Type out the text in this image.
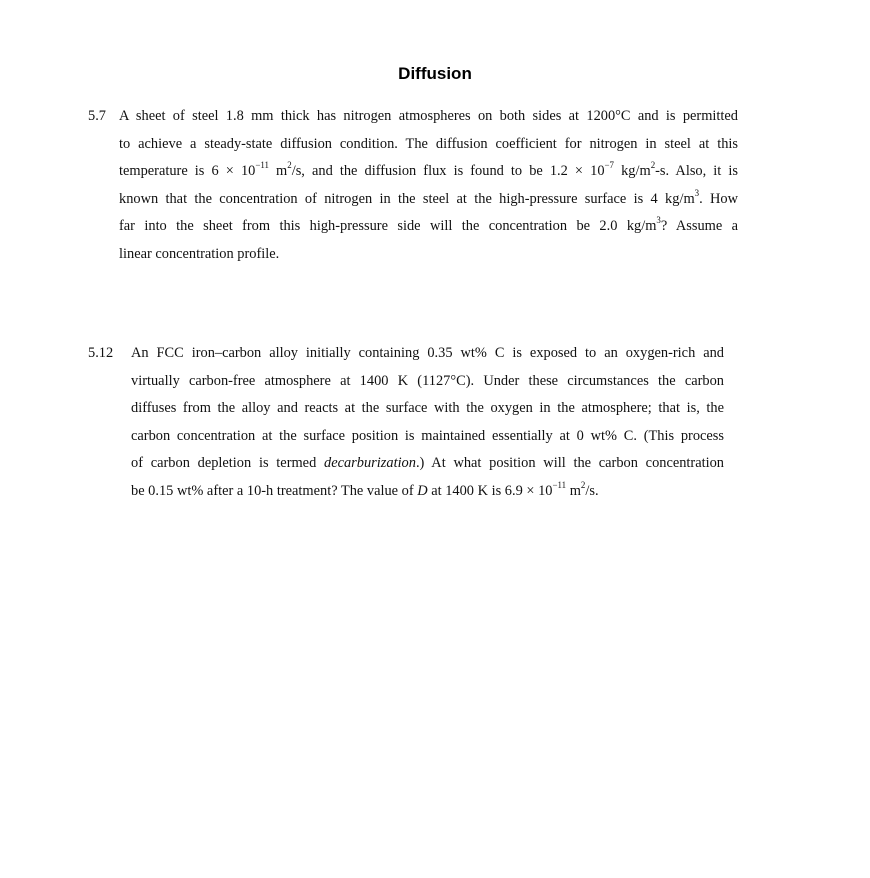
Diffusion
5.7 A sheet of steel 1.8 mm thick has nitrogen atmospheres on both sides at 1200°C and is permitted
to achieve a steady-state diffusion condition. The diffusion coefficient for nitrogen in steel at this
temperature is $6 \times 10^{-11}$ $m^2/s$, and the diffusion flux is found to be $1.2 \times 10^{-7}$ $kg/m^2-s$. Also, it is
known that the concentration of nitrogen in the steel at the high-pressure surface is 4 $kg/m^3$. How
far into the sheet from this high-pressure side will the concentration be 2.0 $kg/m^3$? Assume a
linear concentration profile.
5.12 An FCC iron–carbon alloy initially containing 0.35 wt% C is exposed to an oxygen-rich and
virtually carbon-free atmosphere at 1400 K (1127°C). Under these circumstances the carbon
diffuses from the alloy and reacts at the surface with the oxygen in the atmosphere; that is, the
carbon concentration at the surface position is maintained essentially at 0 wt% C. (This process
of carbon depletion is termed decarburization.) At what position will the carbon concentration
be 0.15 wt% after a 10-h treatment? The value of D at 1400 K is $6.9 \times 10^{-11}$ $m^2/s$.
